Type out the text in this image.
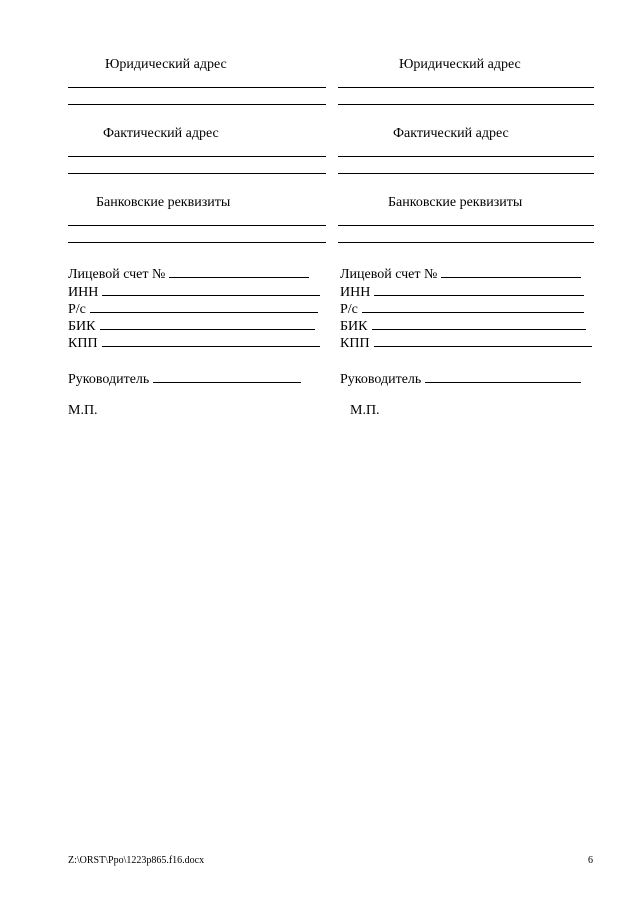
Юридический адрес
Фактический адрес
Банковские реквизиты
Лицевой счет №
ИНН
Р/с
БИК
КПП
Руководитель
М.П.
Юридический адрес
Фактический адрес
Банковские реквизиты
Лицевой счет №
ИНН
Р/с
БИК
КПП
Руководитель
М.П.
Z:\ORST\Ppo\1223p865.f16.docx	6
